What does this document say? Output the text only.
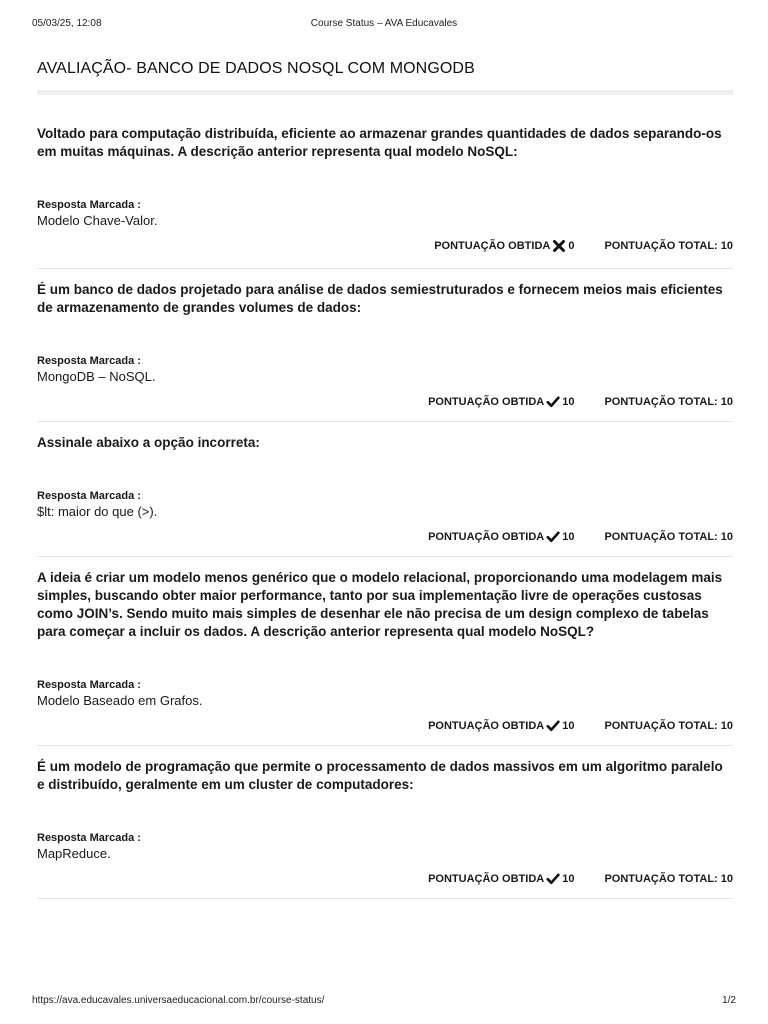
05/03/25, 12:08	Course Status – AVA Educavales
AVALIAÇÃO- BANCO DE DADOS NOSQL COM MONGODB

Voltado para computação distribuída, eficiente ao armazenar grandes quantidades de dados separando-os em muitas máquinas. A descrição anterior representa qual modelo NoSQL:

Resposta Marcada :
Modelo Chave-Valor.
PONTUAÇÃO OBTIDA 0	PONTUAÇÃO TOTAL: 10

É um banco de dados projetado para análise de dados semiestruturados e fornecem meios mais eficientes de armazenamento de grandes volumes de dados:

Resposta Marcada :
MongoDB – NoSQL.
PONTUAÇÃO OBTIDA 10	PONTUAÇÃO TOTAL: 10

Assinale abaixo a opção incorreta:

Resposta Marcada :
$lt: maior do que (>).
PONTUAÇÃO OBTIDA 10	PONTUAÇÃO TOTAL: 10

A ideia é criar um modelo menos genérico que o modelo relacional, proporcionando uma modelagem mais simples, buscando obter maior performance, tanto por sua implementação livre de operações custosas como JOIN’s. Sendo muito mais simples de desenhar ele não precisa de um design complexo de tabelas para começar a incluir os dados. A descrição anterior representa qual modelo NoSQL?

Resposta Marcada :
Modelo Baseado em Grafos.
PONTUAÇÃO OBTIDA 10	PONTUAÇÃO TOTAL: 10

É um modelo de programação que permite o processamento de dados massivos em um algoritmo paralelo e distribuído, geralmente em um cluster de computadores:

Resposta Marcada :
MapReduce.
PONTUAÇÃO OBTIDA 10	PONTUAÇÃO TOTAL: 10
https://ava.educavales.universaeducacional.com.br/course-status/	1/2
